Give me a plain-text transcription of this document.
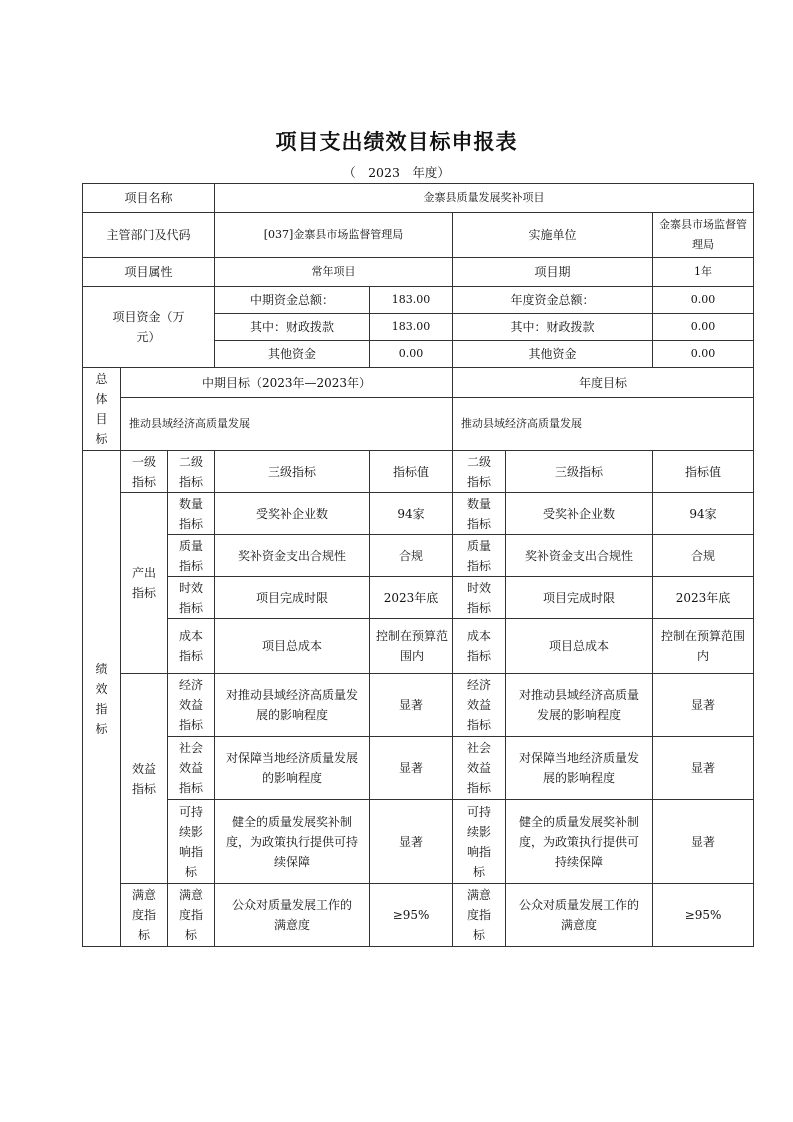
项目支出绩效目标申报表
（　2023　年度）
项目名称			金寨县质量发展奖补项目				
主管部门及代码			[037]金寨县市场监督管理局		实施单位		金寨县市场监督管理局
项目属性			常年项目		项目期		1年

项目资金（万元）			中期资金总额：	183.00	年度资金总额：		0.00
			其中：财政拨款	183.00	其中：财政拨款		0.00
			其他资金	0.00	其他资金		0.00

总体目标	中期目标（2023年—2023年）				年度目标		
	推动县域经济高质量发展				推动县域经济高质量发展		

绩效指标	一级指标	二级指标	三级指标	指标值	二级指标	三级指标	指标值

	产出指标	数量指标	受奖补企业数	94家	数量指标	受奖补企业数	94家

		质量指标	奖补资金支出合规性	合规	质量指标	奖补资金支出合规性	合规

		时效指标	项目完成时限	2023年底	时效指标	项目完成时限	2023年底

		成本指标	项目总成本	控制在预算范围内	成本指标	项目总成本	控制在预算范围内

	效益指标	经济效益指标	对推动县域经济高质量发展的影响程度	显著	经济效益指标	对推动县域经济高质量发展的影响程度	显著

		社会效益指标	对保障当地经济质量发展的影响程度	显著	社会效益指标	对保障当地经济质量发展的影响程度	显著

		可持续影响指标	健全的质量发展奖补制度，为政策执行提供可持续保障	显著	可持续影响指标	健全的质量发展奖补制度，为政策执行提供可持续保障	显著

	满意度指标	满意度指标	公众对质量发展工作的满意度	≥95%	满意度指标	公众对质量发展工作的满意度	≥95%
